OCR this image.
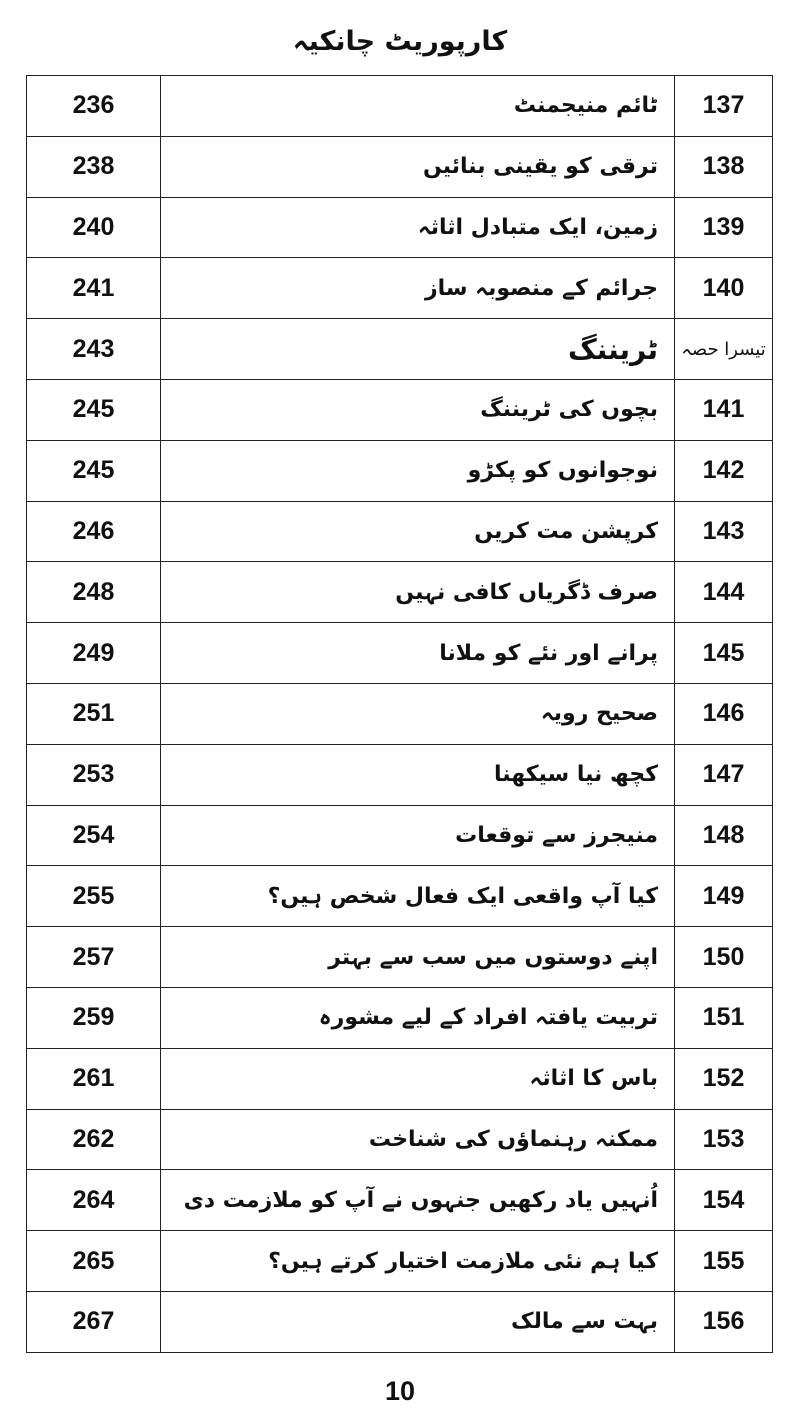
کارپوریٹ چانکیہ
236	ٹائم منیجمنٹ	137
238	ترقی کو یقینی بنائیں	138
240	زمین، ایک متبادل اثاثہ	139
241	جرائم کے منصوبہ ساز	140
243	ٹریننگ	تیسرا حصہ
245	بچوں کی ٹریننگ	141
245	نوجوانوں کو پکڑو	142
246	کرپشن مت کریں	143
248	صرف ڈگریاں کافی نہیں	144
249	پرانے اور نئے کو ملانا	145
251	صحیح رویہ	146
253	کچھ نیا سیکھنا	147
254	منیجرز سے توقعات	148
255	کیا آپ واقعی ایک فعال شخص ہیں؟	149
257	اپنے دوستوں میں سب سے بہتر	150
259	تربیت یافتہ افراد کے لیے مشورہ	151
261	باس کا اثاثہ	152
262	ممکنہ رہنماؤں کی شناخت	153
264	اُنہیں یاد رکھیں جنہوں نے آپ کو ملازمت دی	154
265	کیا ہم نئی ملازمت اختیار کرتے ہیں؟	155
267	بہت سے مالک	156
10
